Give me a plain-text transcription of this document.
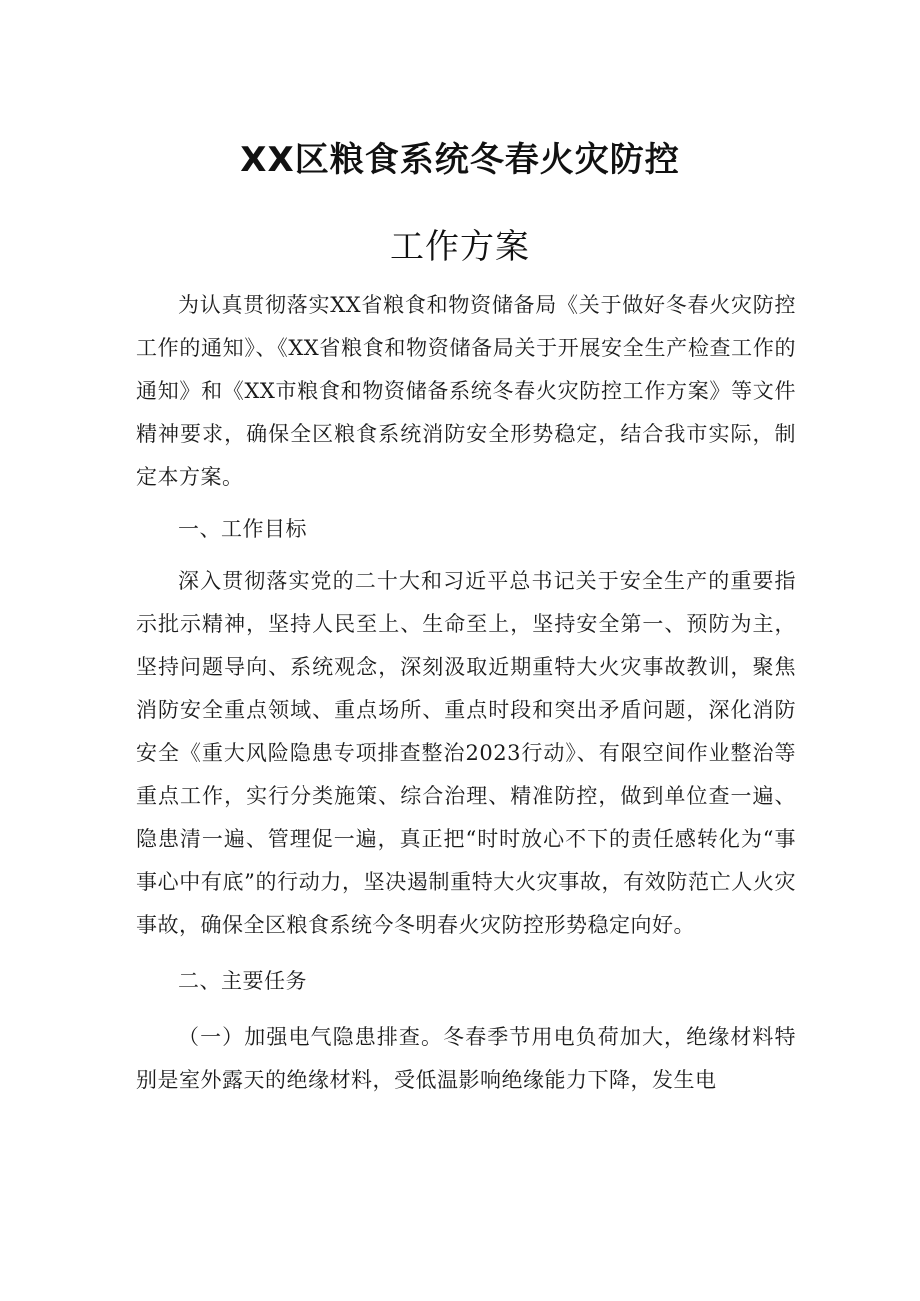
XX区粮食系统冬春火灾防控
工作方案

为认真贯彻落实XX省粮食和物资储备局《关于做好冬春火灾防控工作的通知》、《XX省粮食和物资储备局关于开展安全生产检查工作的通知》和《XX市粮食和物资储备系统冬春火灾防控工作方案》等文件精神要求，确保全区粮食系统消防安全形势稳定，结合我市实际，制定本方案。

一、工作目标

深入贯彻落实党的二十大和习近平总书记关于安全生产的重要指示批示精神，坚持人民至上、生命至上，坚持安全第一、预防为主，坚持问题导向、系统观念，深刻汲取近期重特大火灾事故教训，聚焦消防安全重点领域、重点场所、重点时段和突出矛盾问题，深化消防安全《重大风险隐患专项排查整治2023行动》、有限空间作业整治等重点工作，实行分类施策、综合治理、精准防控，做到单位查一遍、隐患清一遍、管理促一遍，真正把“时时放心不下的责任感转化为“事事心中有底”的行动力，坚决遏制重特大火灾事故，有效防范亡人火灾事故，确保全区粮食系统今冬明春火灾防控形势稳定向好。

二、主要任务

（一）加强电气隐患排查。冬春季节用电负荷加大，绝缘材料特别是室外露天的绝缘材料，受低温影响绝缘能力下降，发生电
